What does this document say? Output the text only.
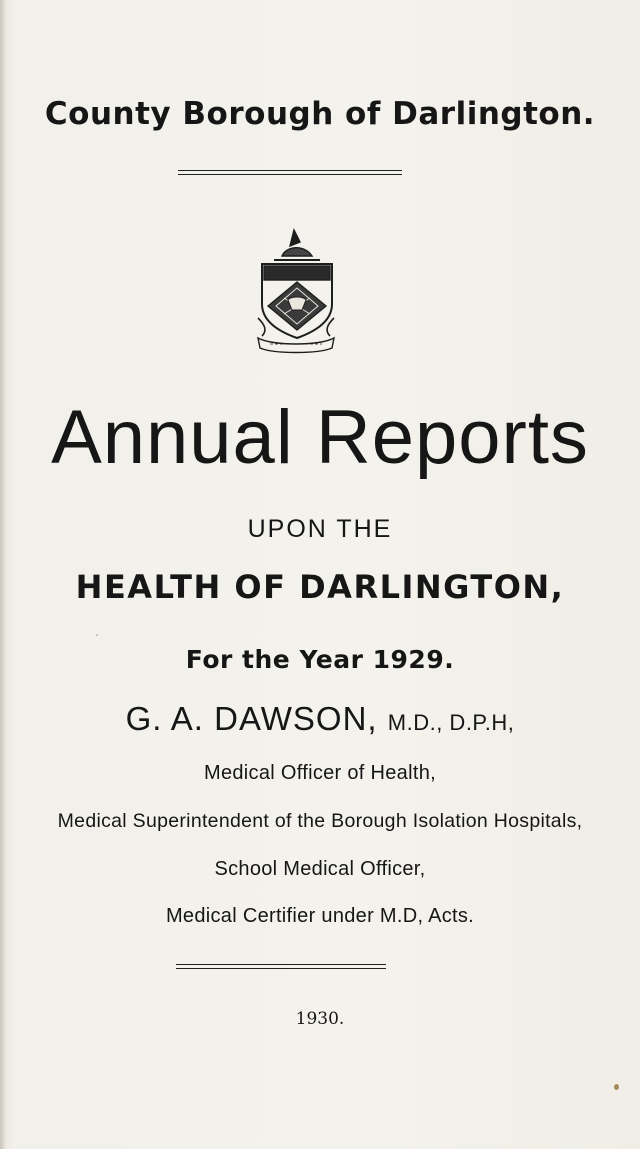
County Borough of Darlington.
Annual Reports
UPON THE
HEALTH OF DARLINGTON,
For the Year 1929.
G. A. DAWSON, M.D., D.P.H,
Medical Officer of Health,
Medical Superintendent of the Borough Isolation Hospitals,
School Medical Officer,
Medical Certifier under M.D, Acts.
1930.
